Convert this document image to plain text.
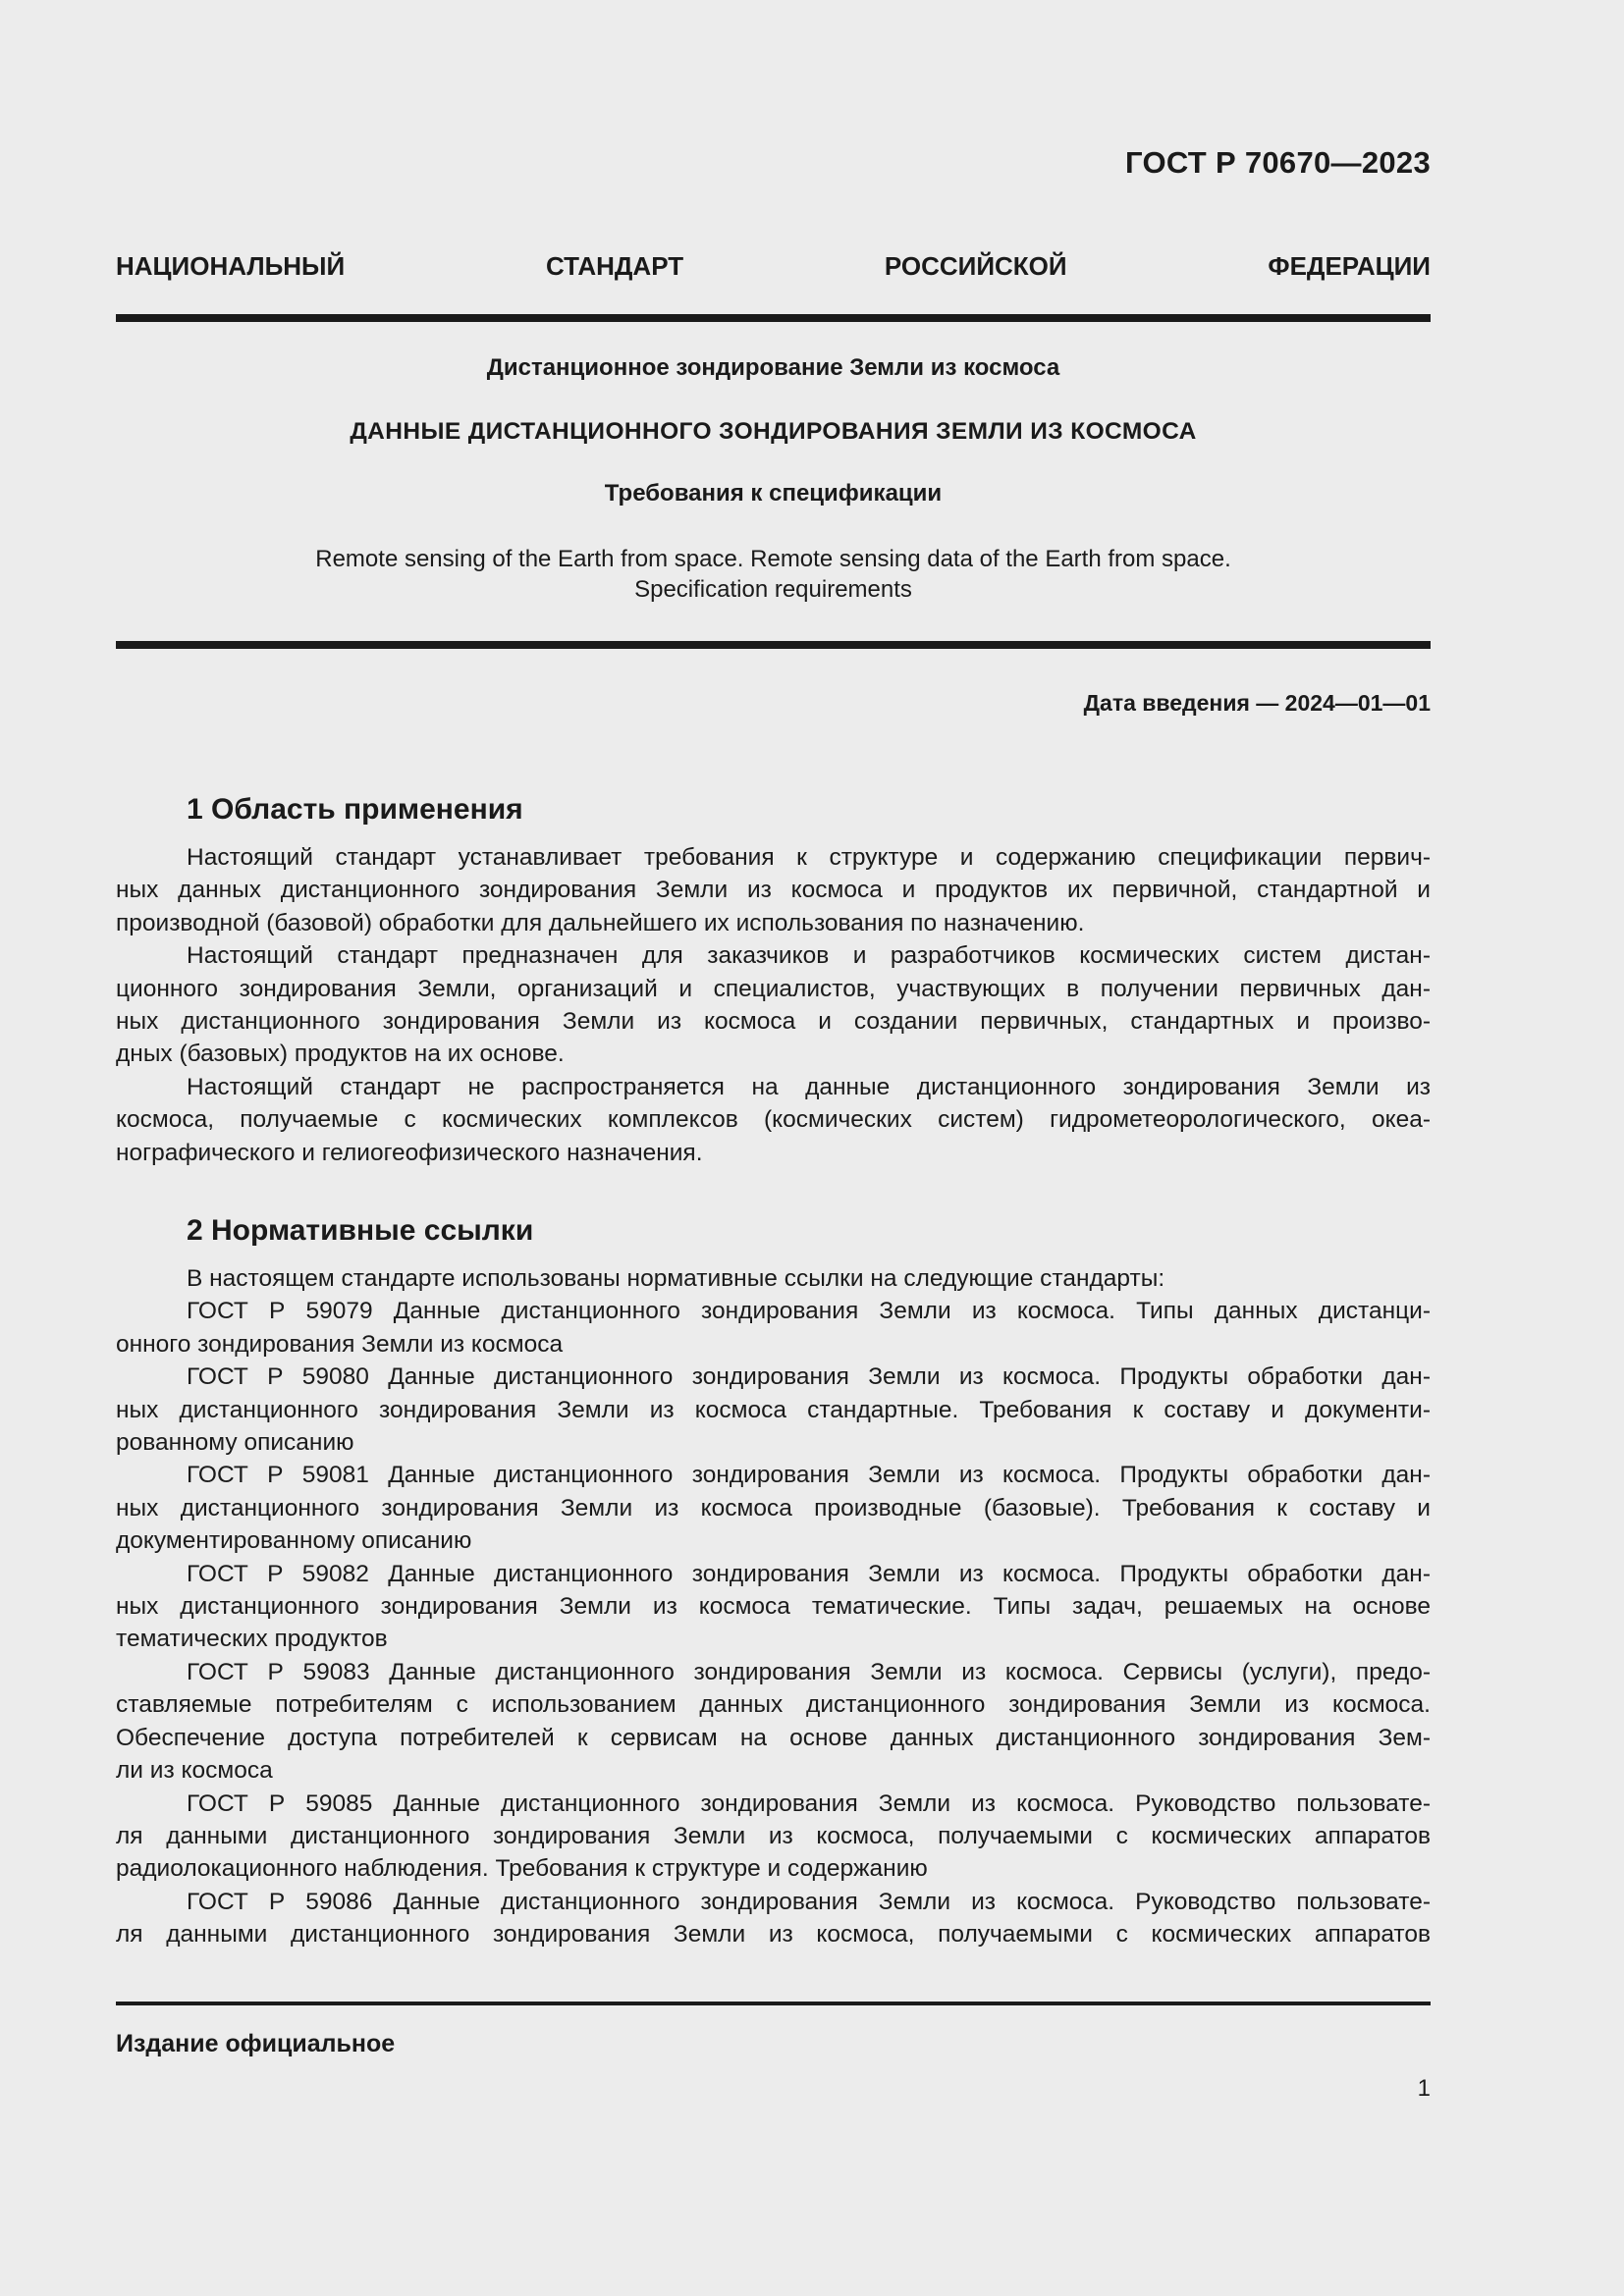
ГОСТ Р 70670—2023
НАЦИОНАЛЬНЫЙ СТАНДАРТ РОССИЙСКОЙ ФЕДЕРАЦИИ
Дистанционное зондирование Земли из космоса
ДАННЫЕ ДИСТАНЦИОННОГО ЗОНДИРОВАНИЯ ЗЕМЛИ ИЗ КОСМОСА
Требования к спецификации
Remote sensing of the Earth from space. Remote sensing data of the Earth from space.
Specification requirements
Дата введения — 2024—01—01
1 Область применения
Настоящий стандарт устанавливает требования к структуре и содержанию спецификации первич-
ных данных дистанционного зондирования Земли из космоса и продуктов их первичной, стандартной и
производной (базовой) обработки для дальнейшего их использования по назначению.
Настоящий стандарт предназначен для заказчиков и разработчиков космических систем дистан-
ционного зондирования Земли, организаций и специалистов, участвующих в получении первичных дан-
ных дистанционного зондирования Земли из космоса и создании первичных, стандартных и произво-
дных (базовых) продуктов на их основе.
Настоящий стандарт не распространяется на данные дистанционного зондирования Земли из
космоса, получаемые с космических комплексов (космических систем) гидрометеорологического, океа-
нографического и гелиогеофизического назначения.
2 Нормативные ссылки
В настоящем стандарте использованы нормативные ссылки на следующие стандарты:
ГОСТ Р 59079 Данные дистанционного зондирования Земли из космоса. Типы данных дистанци-
онного зондирования Земли из космоса
ГОСТ Р 59080 Данные дистанционного зондирования Земли из космоса. Продукты обработки дан-
ных дистанционного зондирования Земли из космоса стандартные. Требования к составу и документи-
рованному описанию
ГОСТ Р 59081 Данные дистанционного зондирования Земли из космоса. Продукты обработки дан-
ных дистанционного зондирования Земли из космоса производные (базовые). Требования к составу и
документированному описанию
ГОСТ Р 59082 Данные дистанционного зондирования Земли из космоса. Продукты обработки дан-
ных дистанционного зондирования Земли из космоса тематические. Типы задач, решаемых на основе
тематических продуктов
ГОСТ Р 59083 Данные дистанционного зондирования Земли из космоса. Сервисы (услуги), предо-
ставляемые потребителям с использованием данных дистанционного зондирования Земли из космоса.
Обеспечение доступа потребителей к сервисам на основе данных дистанционного зондирования Зем-
ли из космоса
ГОСТ Р 59085 Данные дистанционного зондирования Земли из космоса. Руководство пользовате-
ля данными дистанционного зондирования Земли из космоса, получаемыми с космических аппаратов
радиолокационного наблюдения. Требования к структуре и содержанию
ГОСТ Р 59086 Данные дистанционного зондирования Земли из космоса. Руководство пользовате-
ля данными дистанционного зондирования Земли из космоса, получаемыми с космических аппаратов
Издание официальное
1
